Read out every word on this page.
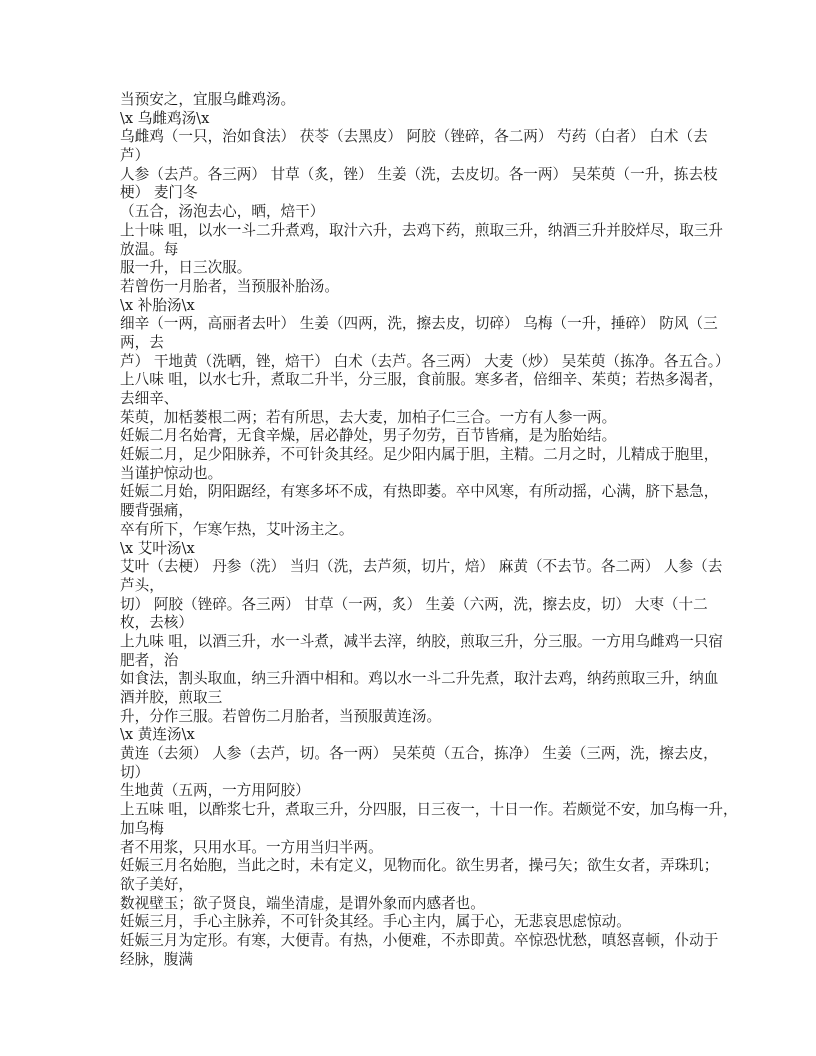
当预安之，宜服乌雌鸡汤。
\x 乌雌鸡汤\x
乌雌鸡（一只，治如食法） 茯苓（去黑皮） 阿胶（锉碎，各二两） 芍药（白者） 白术（去
芦）
人参（去芦。各三两） 甘草（炙，锉） 生姜（洗，去皮切。各一两） 吴茱萸（一升，拣去枝
梗） 麦门冬
（五合，汤泡去心，晒，焙干）
上十味 咀，以水一斗二升煮鸡，取汁六升，去鸡下药，煎取三升，纳酒三升并胶烊尽，取三升
放温。每
服一升，日三次服。
若曾伤一月胎者，当预服补胎汤。
\x 补胎汤\x
细辛（一两，高丽者去叶） 生姜（四两，洗，擦去皮，切碎） 乌梅（一升，捶碎） 防风（三
两，去
芦） 干地黄（洗晒，锉，焙干） 白术（去芦。各三两） 大麦（炒） 吴茱萸（拣净。各五合。）
上八味 咀，以水七升，煮取二升半，分三服，食前服。寒多者，倍细辛、茱萸；若热多渴者，
去细辛、
茱萸，加栝蒌根二两；若有所思，去大麦，加柏子仁三合。一方有人参一两。
妊娠二月名始膏，无食辛燥，居必静处，男子勿劳，百节皆痛，是为胎始结。
妊娠二月，足少阳脉养，不可针灸其经。足少阳内属于胆，主精。二月之时，儿精成于胞里，
当谨护惊动也。
妊娠二月始，阴阳踞经，有寒多坏不成，有热即萎。卒中风寒，有所动摇，心满，脐下悬急，
腰背强痛，
卒有所下，乍寒乍热，艾叶汤主之。
\x 艾叶汤\x
艾叶（去梗） 丹参（洗） 当归（洗，去芦须，切片，焙） 麻黄（不去节。各二两） 人参（去
芦头，
切） 阿胶（锉碎。各三两） 甘草（一两，炙） 生姜（六两，洗，擦去皮，切） 大枣（十二
枚，去核）
上九味 咀，以酒三升，水一斗煮，减半去滓，纳胶，煎取三升，分三服。一方用乌雌鸡一只宿
肥者，治
如食法，割头取血，纳三升酒中相和。鸡以水一斗二升先煮，取汁去鸡，纳药煎取三升，纳血
酒并胶，煎取三
升，分作三服。若曾伤二月胎者，当预服黄连汤。
\x 黄连汤\x
黄连（去须） 人参（去芦，切。各一两） 吴茱萸（五合，拣净） 生姜（三两，洗，擦去皮，
切）
生地黄（五两，一方用阿胶）
上五味 咀，以酢浆七升，煮取三升，分四服，日三夜一，十日一作。若颇觉不安，加乌梅一升，
加乌梅
者不用浆，只用水耳。一方用当归半两。
妊娠三月名始胞，当此之时，未有定义，见物而化。欲生男者，操弓矢；欲生女者，弄珠玑；
欲子美好，
数视壁玉；欲子贤良，端坐清虚，是谓外象而内感者也。
妊娠三月，手心主脉养，不可针灸其经。手心主内，属于心，无悲哀思虑惊动。
妊娠三月为定形。有寒，大便青。有热，小便难，不赤即黄。卒惊恐忧愁，嗔怒喜顿，仆动于
经脉，腹满
